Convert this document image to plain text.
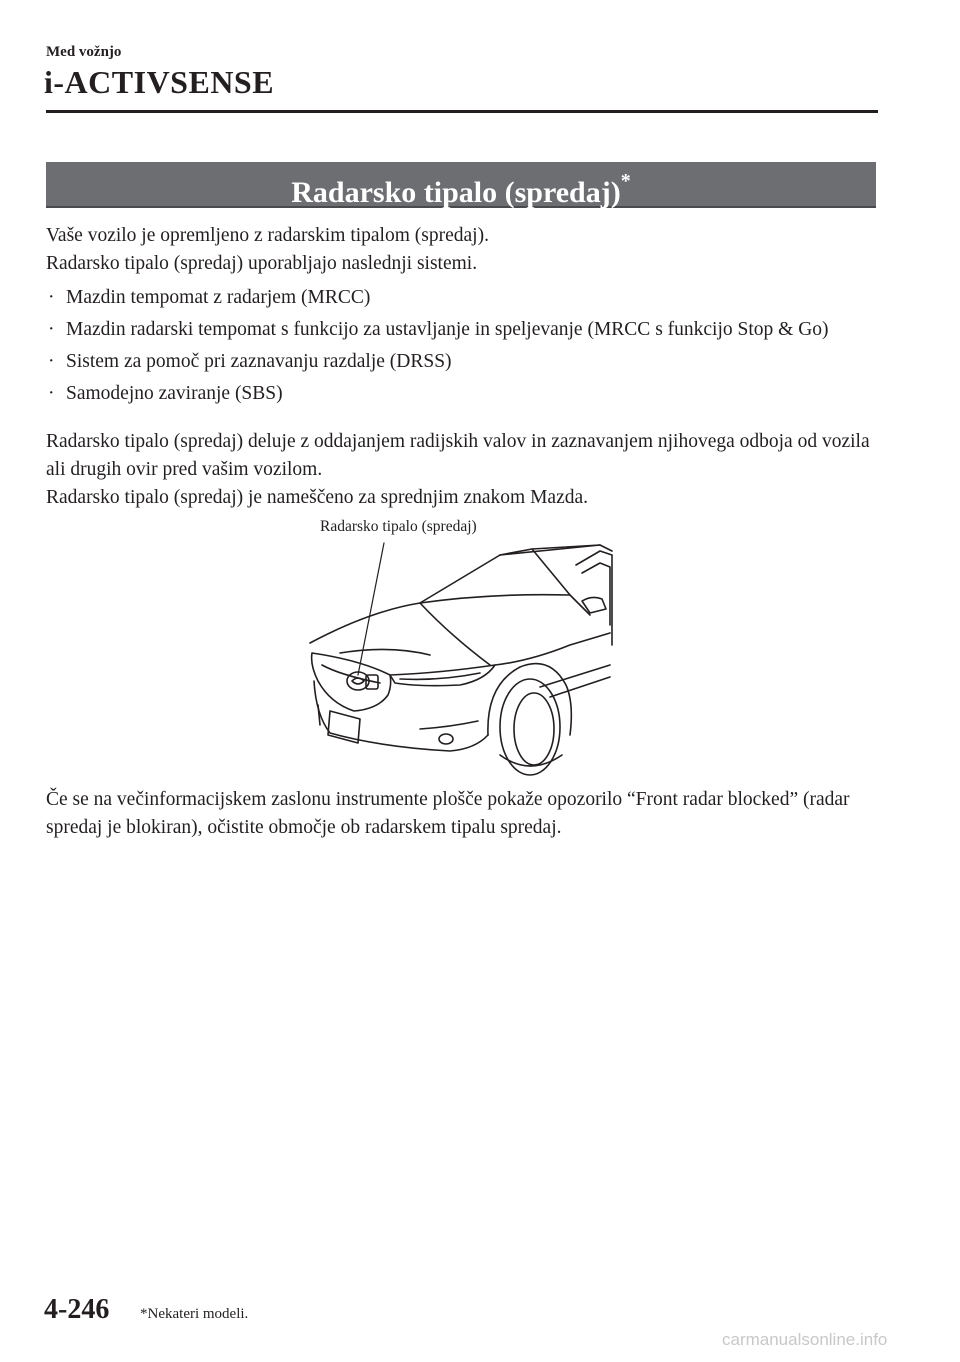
Med vožnjo
i-ACTIVSENSE
Radarsko tipalo (spredaj)*

Vaše vozilo je opremljeno z radarskim tipalom (spredaj).

Radarsko tipalo (spredaj) uporabljajo naslednji sistemi.

· Mazdin tempomat z radarjem (MRCC)
· Mazdin radarski tempomat s funkcijo za ustavljanje in speljevanje (MRCC s funkcijo Stop & Go)
· Sistem za pomoč pri zaznavanju razdalje (DRSS)
· Samodejno zaviranje (SBS)

Radarsko tipalo (spredaj) deluje z oddajanjem radijskih valov in zaznavanjem njihovega odboja od vozila ali drugih ovir pred vašim vozilom.

Radarsko tipalo (spredaj) je nameščeno za sprednjim znakom Mazda.

Radarsko tipalo (spredaj)

Če se na večinformacijskem zaslonu instrumente plošče pokaže opozorilo “Front radar blocked” (radar spredaj je blokiran), očistite območje ob radarskem tipalu spredaj.

4-246 *Nekateri modeli.
carmanualsonline.info
